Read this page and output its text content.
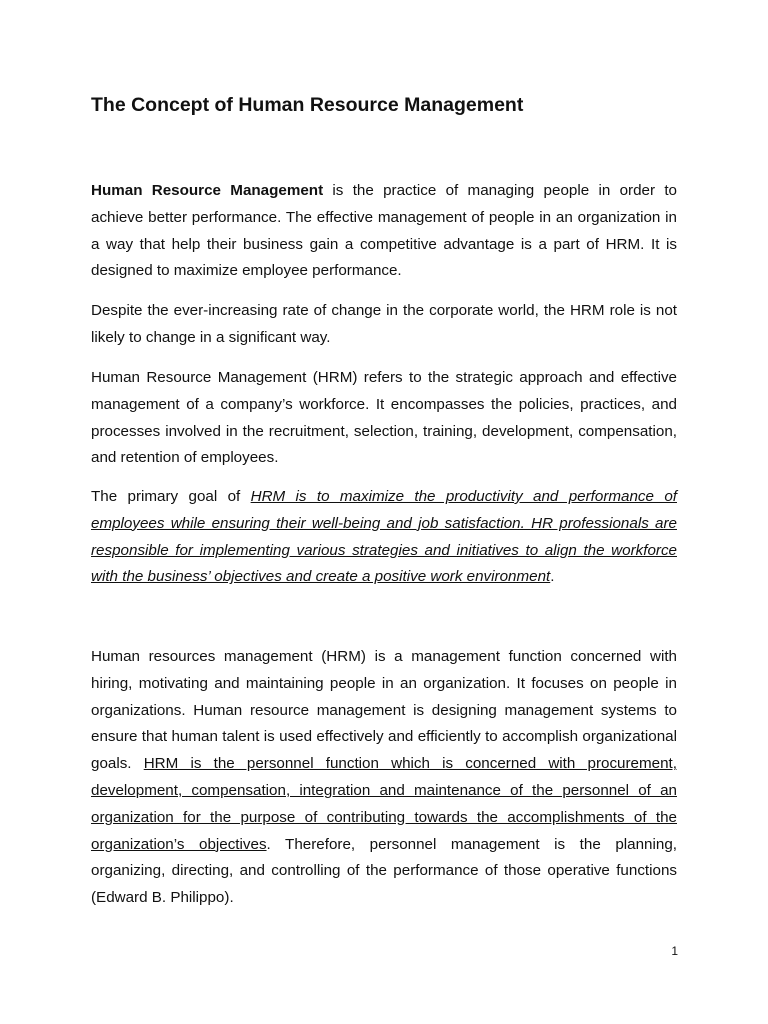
The Concept of Human Resource Management

Human Resource Management is the practice of managing people in order to achieve better performance. The effective management of people in an organization in a way that help their business gain a competitive advantage is a part of HRM. It is designed to maximize employee performance.

Despite the ever-increasing rate of change in the corporate world, the HRM role is not likely to change in a significant way.

Human Resource Management (HRM) refers to the strategic approach and effective management of a company’s workforce. It encompasses the policies, practices, and processes involved in the recruitment, selection, training, development, compensation, and retention of employees.

The primary goal of HRM is to maximize the productivity and performance of employees while ensuring their well-being and job satisfaction. HR professionals are responsible for implementing various strategies and initiatives to align the workforce with the business’ objectives and create a positive work environment.

Human resources management (HRM) is a management function concerned with hiring, motivating and maintaining people in an organization. It focuses on people in organizations. Human resource management is designing management systems to ensure that human talent is used effectively and efficiently to accomplish organizational goals. HRM is the personnel function which is concerned with procurement, development, compensation, integration and maintenance of the personnel of an organization for the purpose of contributing towards the accomplishments of the organization’s objectives. Therefore, personnel management is the planning, organizing, directing, and controlling of the performance of those operative functions (Edward B. Philippo).

1
